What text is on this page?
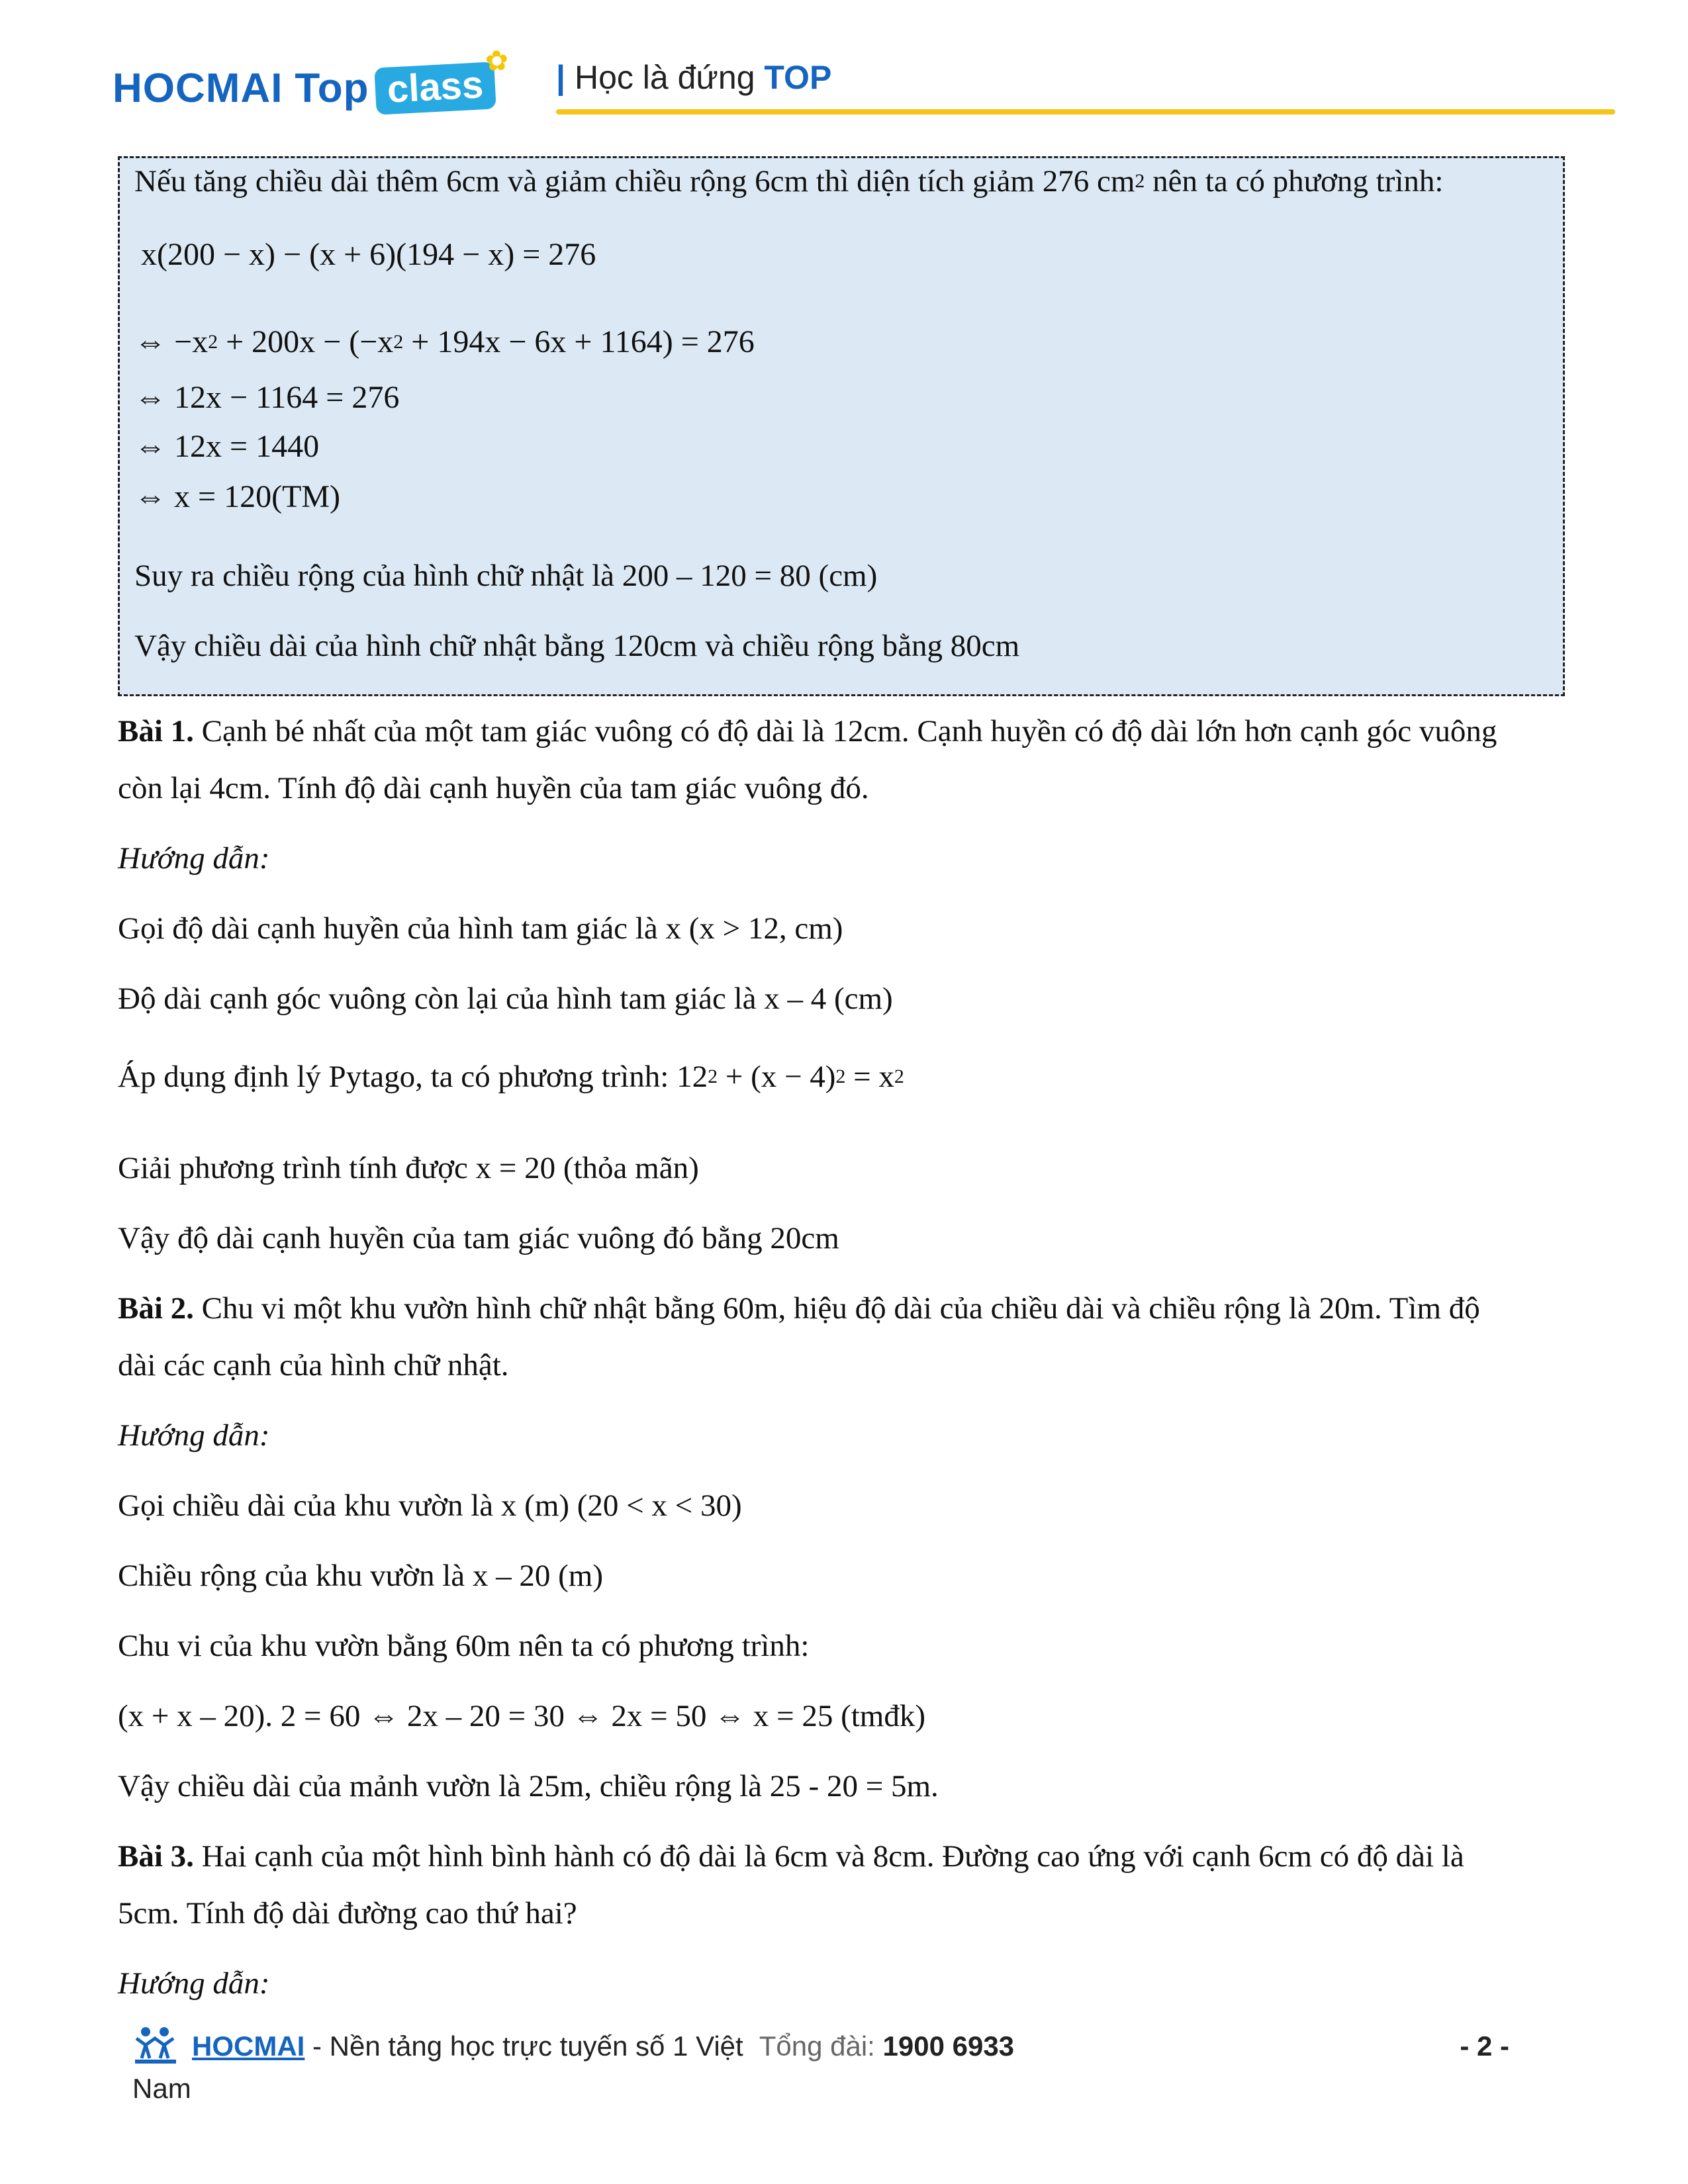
HOCMAI Top class
✿ | Học là đứng TOP
Nếu tăng chiều dài thêm 6cm và giảm chiều rộng 6cm thì diện tích giảm 276 $cm^2$ nên ta có phương trình:
x(200 − x) − (x + 6)(194 − x) = 276
⇔ $-x^2 + 200x - (-x^2 + 194x - 6x + 1164) = 276$
⇔ 12x − 1164 = 276
⇔ 12x = 1440
⇔ x = 120(TM)
Suy ra chiều rộng của hình chữ nhật là 200 – 120 = 80 (cm)
Vậy chiều dài của hình chữ nhật bằng 120cm và chiều rộng bằng 80cm
Bài 1. Cạnh bé nhất của một tam giác vuông có độ dài là 12cm. Cạnh huyền có độ dài lớn hơn cạnh góc vuông
còn lại 4cm. Tính độ dài cạnh huyền của tam giác vuông đó.
Hướng dẫn:
Gọi độ dài cạnh huyền của hình tam giác là x (x > 12, cm)
Độ dài cạnh góc vuông còn lại của hình tam giác là x – 4 (cm)
Áp dụng định lý Pytago, ta có phương trình: $12^2 + (x - 4)^2 = x^2$
Giải phương trình tính được x = 20 (thỏa mãn)
Vậy độ dài cạnh huyền của tam giác vuông đó bằng 20cm
Bài 2. Chu vi một khu vườn hình chữ nhật bằng 60m, hiệu độ dài của chiều dài và chiều rộng là 20m. Tìm độ
dài các cạnh của hình chữ nhật.
Hướng dẫn:
Gọi chiều dài của khu vườn là x (m) (20 < x < 30)
Chiều rộng của khu vườn là x – 20 (m)
Chu vi của khu vườn bằng 60m nên ta có phương trình:
(x + x – 20). 2 = 60 ⇔ 2x – 20 = 30 ⇔ 2x = 50 ⇔ x = 25 (tmđk)
Vậy chiều dài của mảnh vườn là 25m, chiều rộng là 25 - 20 = 5m.
Bài 3. Hai cạnh của một hình bình hành có độ dài là 6cm và 8cm. Đường cao ứng với cạnh 6cm có độ dài là
5cm. Tính độ dài đường cao thứ hai?
Hướng dẫn:
HOCMAI - Nền tảng học trực tuyến số 1 Việt Tổng đài: 1900 6933	- 2 -
Nam
